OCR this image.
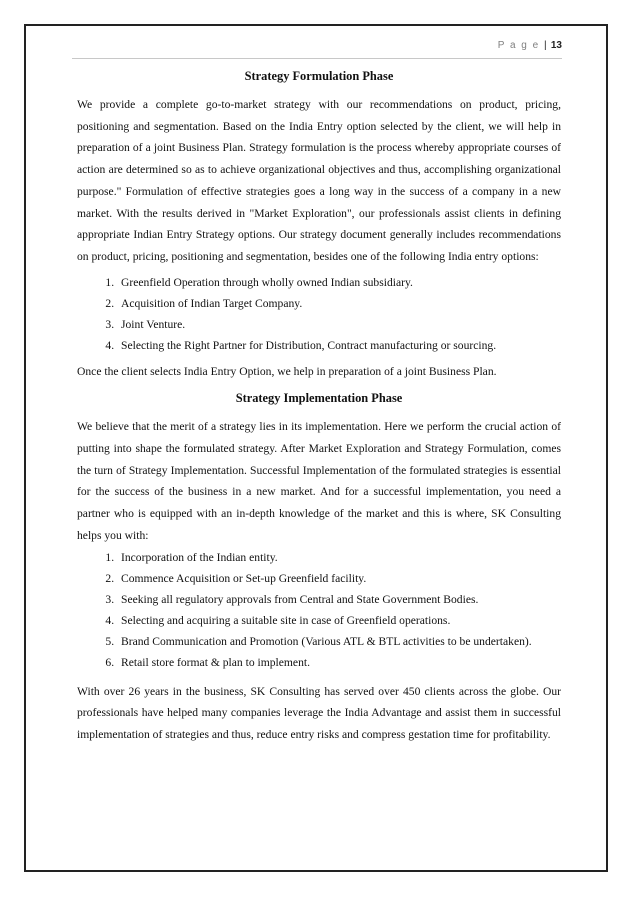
P a g e | 13
Strategy Formulation Phase

We provide a complete go-to-market strategy with our recommendations on product, pricing, positioning and segmentation. Based on the India Entry option selected by the client, we will help in preparation of a joint Business Plan. Strategy formulation is the process whereby appropriate courses of action are determined so as to achieve organizational objectives and thus, accomplishing organizational purpose." Formulation of effective strategies goes a long way in the success of a company in a new market. With the results derived in "Market Exploration", our professionals assist clients in defining appropriate Indian Entry Strategy options. Our strategy document generally includes recommendations on product, pricing, positioning and segmentation, besides one of the following India entry options:

1. Greenfield Operation through wholly owned Indian subsidiary.
2. Acquisition of Indian Target Company.
3. Joint Venture.
4. Selecting the Right Partner for Distribution, Contract manufacturing or sourcing.

Once the client selects India Entry Option, we help in preparation of a joint Business Plan.

Strategy Implementation Phase

We believe that the merit of a strategy lies in its implementation. Here we perform the crucial action of putting into shape the formulated strategy. After Market Exploration and Strategy Formulation, comes the turn of Strategy Implementation. Successful Implementation of the formulated strategies is essential for the success of the business in a new market. And for a successful implementation, you need a partner who is equipped with an in-depth knowledge of the market and this is where, SK Consulting helps you with:

1. Incorporation of the Indian entity.
2. Commence Acquisition or Set-up Greenfield facility.
3. Seeking all regulatory approvals from Central and State Government Bodies.
4. Selecting and acquiring a suitable site in case of Greenfield operations.
5. Brand Communication and Promotion (Various ATL & BTL activities to be undertaken).
6. Retail store format & plan to implement.

With over 26 years in the business, SK Consulting has served over 450 clients across the globe. Our professionals have helped many companies leverage the India Advantage and assist them in successful implementation of strategies and thus, reduce entry risks and compress gestation time for profitability.
